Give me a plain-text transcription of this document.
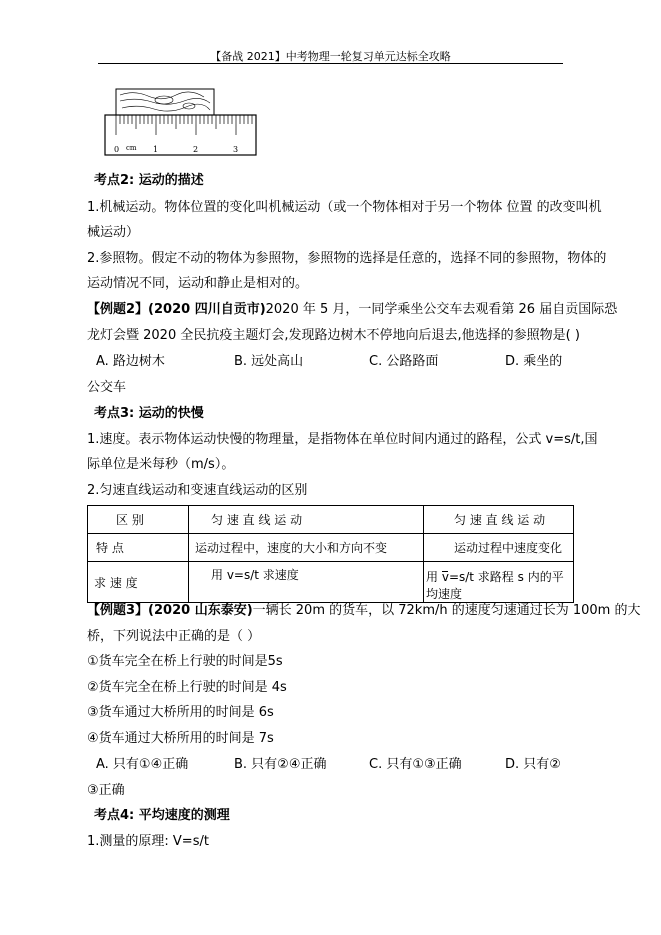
【备战 2021】中考物理一轮复习单元达标全攻略
0 cm 1	2	3
考点2: 运动的描述
1.机械运动。物体位置的变化叫机械运动（或一个物体相对于另一个物体 位置 的改变叫机
械运动）
2.参照物。假定不动的物体为参照物，参照物的选择是任意的，选择不同的参照物，物体的
运动情况不同，运动和静止是相对的。
【例题2】(2020 四川自贡市)2020 年 5 月，一同学乘坐公交车去观看第 26 届自贡国际恐
龙灯会暨 2020 全民抗疫主题灯会,发现路边树木不停地向后退去,他选择的参照物是( )
A. 路边树木	B. 远处高山	C. 公路路面	D. 乘坐的
公交车
考点3: 运动的快慢
1.速度。表示物体运动快慢的物理量，是指物体在单位时间内通过的路程，公式 v=s/t,国
际单位是米每秒（m/s）。
2.匀速直线运动和变速直线运动的区别
区 别	匀 速 直 线 运 动	匀 速 直 线 运 动
特 点	运动过程中，速度的大小和方向不变	运动过程中速度变化
求 速 度	用 v=s/t 求速度	用 v=s/t 求路程 s 内的平均速度
【例题3】(2020 山东泰安)一辆长 20m 的货车，以 72km/h 的速度匀速通过长为 100m 的大
桥，下列说法中正确的是（ ）
①货车完全在桥上行驶的时间是5s
②货车完全在桥上行驶的时间是 4s
③货车通过大桥所用的时间是 6s
④货车通过大桥所用的时间是 7s
A. 只有①④正确	B. 只有②④正确	C. 只有①③正确	D. 只有②
③正确
考点4: 平均速度的测理
1.测量的原理: V=s/t
